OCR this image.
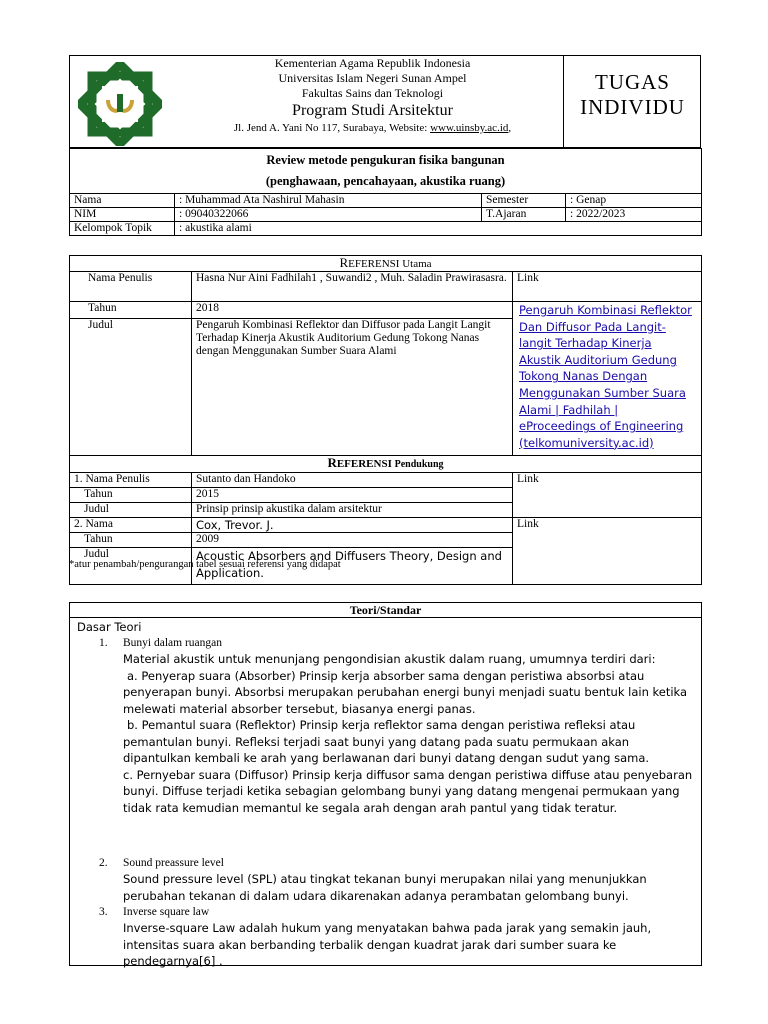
Kementerian Agama Republik Indonesia
Universitas Islam Negeri Sunan Ampel
Fakultas Sains dan Teknologi
Program Studi Arsitektur
Jl. Jend A. Yani No 117, Surabaya, Website: www.uinsby.ac.id,
TUGAS
INDIVIDU
Review metode pengukuran fisika bangunan
(penghawaan, pencahayaan, akustika ruang)			

Nama	: Muhammad Ata Nashirul Mahasin	Semester	: Genap
NIM	: 09040322066	T.Ajaran	: 2022/2023
Kelompok Topik	: akustika alami		
REFERENSI Utama		
Nama Penulis	Hasna Nur Aini Fadhilah1 , Suwandi2 , Muh. Saladin Prawirasasra.	Link
Tahun	2018	Pengaruh Kombinasi Reflektor Dan Diffusor Pada Langit-langit Terhadap Kinerja Akustik Auditorium Gedung Tokong Nanas Dengan Menggunakan Sumber Suara Alami | Fadhilah | eProceedings of Engineering (telkomuniversity.ac.id)
Judul	Pengaruh Kombinasi Reflektor dan Diffusor pada Langit Langit Terhadap Kinerja Akustik Auditorium Gedung Tokong Nanas dengan Menggunakan Sumber Suara Alami	
REFERENSI Pendukung		
1. Nama Penulis	Sutanto dan Handoko	Link
Tahun	2015	
Judul	Prinsip prinsip akustika dalam arsitektur	
2. Nama	Cox, Trevor. J.	Link
Tahun	2009	
Judul	Acoustic Absorbers and Diffusers Theory, Design and Application.	
*atur penambah/pengurangan tabel sesuai referensi yang didapat
Teori/Standar
Dasar Teori
1. Bunyi dalam ruangan
Material akustik untuk menunjang pengondisian akustik dalam ruang, umumnya terdiri dari:
a. Penyerap suara (Absorber) Prinsip kerja absorber sama dengan peristiwa absorbsi atau penyerapan bunyi. Absorbsi merupakan perubahan energi bunyi menjadi suatu bentuk lain ketika melewati material absorber tersebut, biasanya energi panas.
b. Pemantul suara (Reflektor) Prinsip kerja reflektor sama dengan peristiwa refleksi atau pemantulan bunyi. Refleksi terjadi saat bunyi yang datang pada suatu permukaan akan dipantulkan kembali ke arah yang berlawanan dari bunyi datang dengan sudut yang sama.
c. Pernyebar suara (Diffusor) Prinsip kerja diffusor sama dengan peristiwa diffuse atau penyebaran bunyi. Diffuse terjadi ketika sebagian gelombang bunyi yang datang mengenai permukaan yang tidak rata kemudian memantul ke segala arah dengan arah pantul yang tidak teratur.
2. Sound preassure level
Sound pressure level (SPL) atau tingkat tekanan bunyi merupakan nilai yang menunjukkan perubahan tekanan di dalam udara dikarenakan adanya perambatan gelombang bunyi.
3. Inverse square law
Inverse-square Law adalah hukum yang menyatakan bahwa pada jarak yang semakin jauh, intensitas suara akan berbanding terbalik dengan kuadrat jarak dari sumber suara ke pendegarnya[6] .
